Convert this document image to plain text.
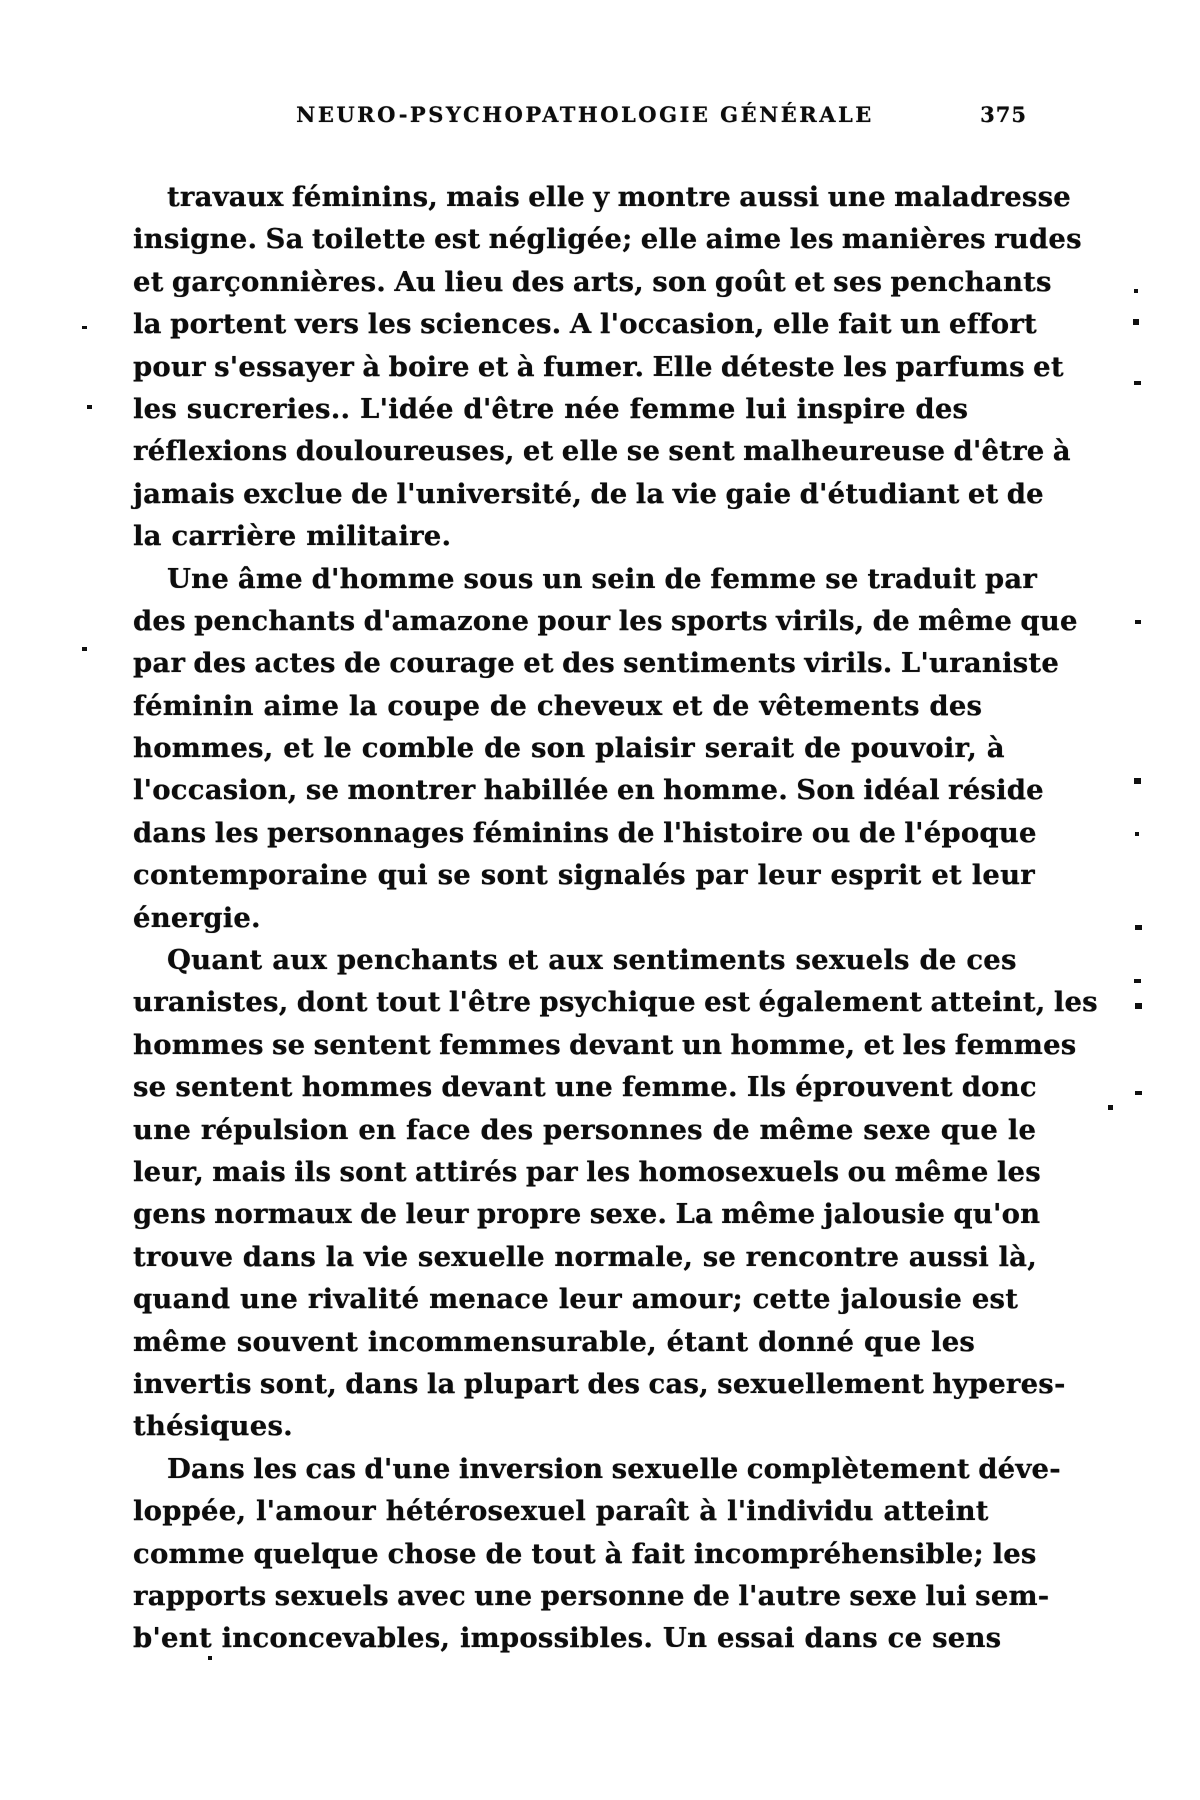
NEURO-PSYCHOPATHOLOGIE GÉNÉRALE	375
travaux féminins, mais elle y montre aussi une maladresse
insigne. Sa toilette est négligée; elle aime les manières rudes
et garçonnières. Au lieu des arts, son goût et ses penchants
la portent vers les sciences. A l'occasion, elle fait un effort
pour s'essayer à boire et à fumer. Elle déteste les parfums et
les sucreries.. L'idée d'être née femme lui inspire des
réflexions douloureuses, et elle se sent malheureuse d'être à
jamais exclue de l'université, de la vie gaie d'étudiant et de
la carrière militaire.
Une âme d'homme sous un sein de femme se traduit par
des penchants d'amazone pour les sports virils, de même que
par des actes de courage et des sentiments virils. L'uraniste
féminin aime la coupe de cheveux et de vêtements des
hommes, et le comble de son plaisir serait de pouvoir, à
l'occasion, se montrer habillée en homme. Son idéal réside
dans les personnages féminins de l'histoire ou de l'époque
contemporaine qui se sont signalés par leur esprit et leur
énergie.
Quant aux penchants et aux sentiments sexuels de ces
uranistes, dont tout l'être psychique est également atteint, les
hommes se sentent femmes devant un homme, et les femmes
se sentent hommes devant une femme. Ils éprouvent donc
une répulsion en face des personnes de même sexe que le
leur, mais ils sont attirés par les homosexuels ou même les
gens normaux de leur propre sexe. La même jalousie qu'on
trouve dans la vie sexuelle normale, se rencontre aussi là,
quand une rivalité menace leur amour; cette jalousie est
même souvent incommensurable, étant donné que les
invertis sont, dans la plupart des cas, sexuellement hyperes-
thésiques.
Dans les cas d'une inversion sexuelle complètement déve-
loppée, l'amour hétérosexuel paraît à l'individu atteint
comme quelque chose de tout à fait incompréhensible; les
rapports sexuels avec une personne de l'autre sexe lui sem-
b'ent inconcevables, impossibles. Un essai dans ce sens
